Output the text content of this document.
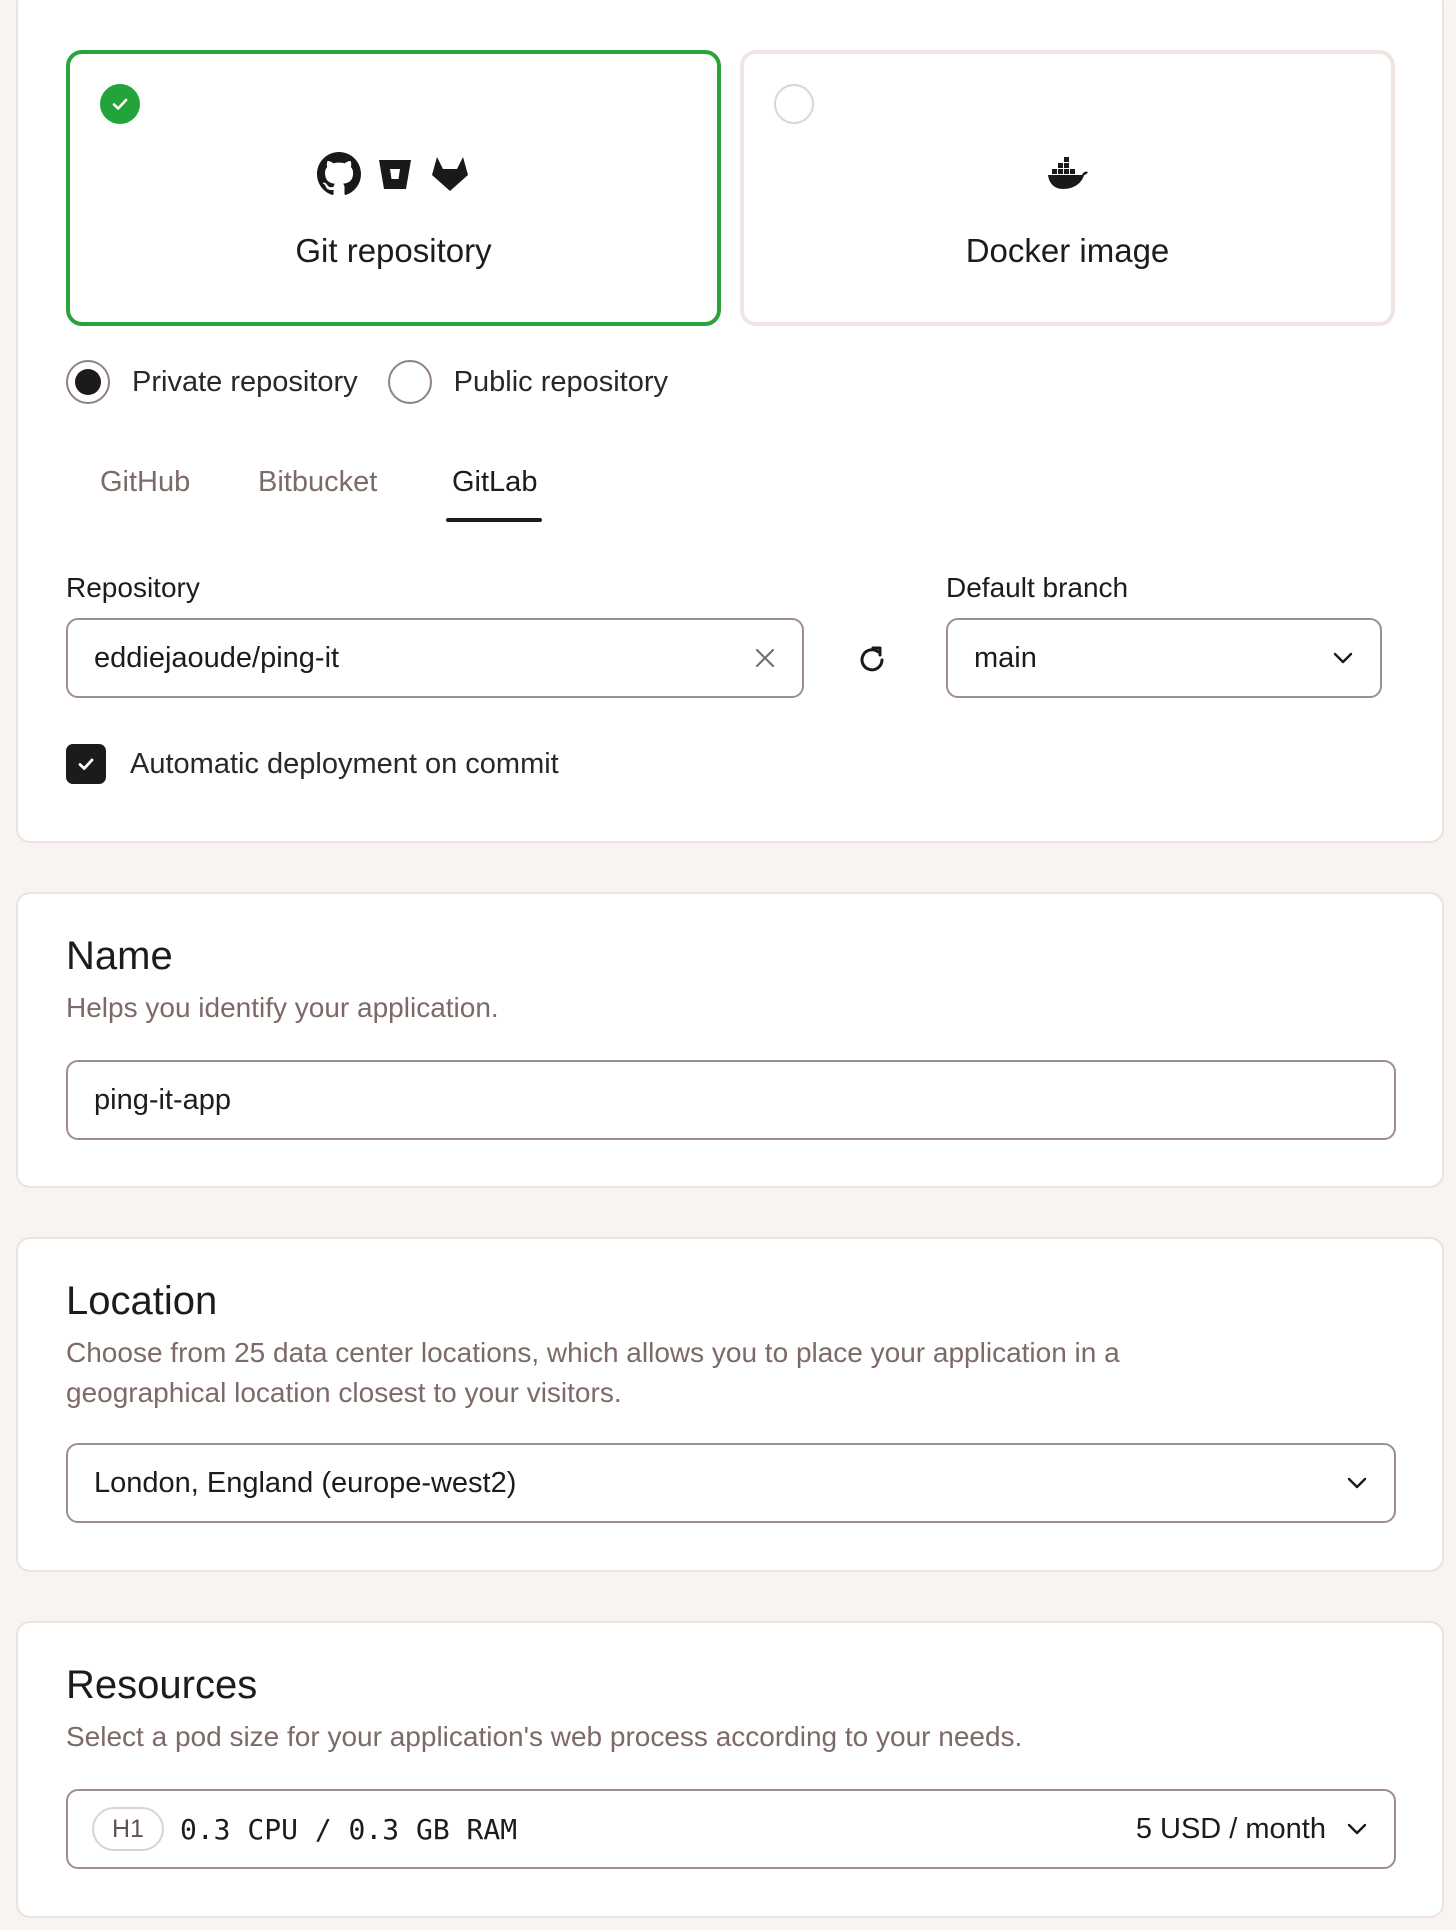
Git repository	Docker image
Private repository	Public repository
GitHub Bitbucket	GitLab
Repository
eddiejaoude/ping-it
Default branch
main
Automatic deployment on commit
Name
Helps you identify your application.
ping-it-app
Location
Choose from 25 data center locations, which allows you to place your application in a geographical location closest to your visitors.
London, England (europe-west2)
Resources
Select a pod size for your application's web process according to your needs.
H1	0.3 CPU / 0.3 GB RAM	5 USD / month
